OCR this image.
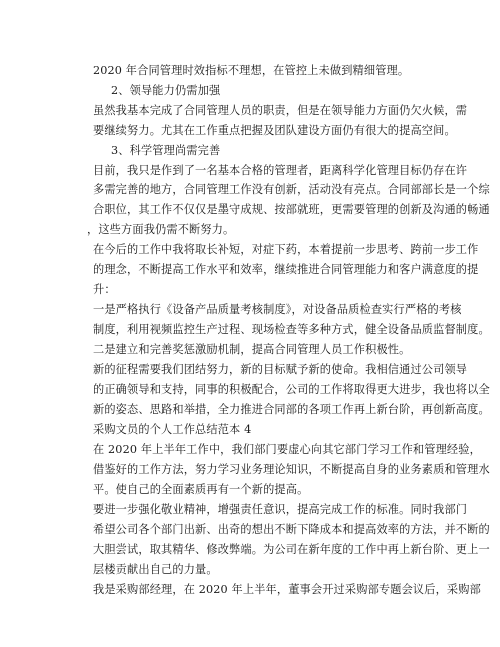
2020 年合同管理时效指标不理想，在管控上未做到精细管理。
2、领导能力仍需加强
虽然我基本完成了合同管理人员的职责，但是在领导能力方面仍欠火候，需
要继续努力。尤其在工作重点把握及团队建设方面仍有很大的提高空间。
3、科学管理尚需完善
目前，我只是作到了一名基本合格的管理者，距离科学化管理目标仍存在许
多需完善的地方，合同管理工作没有创新，活动没有亮点。合同部部长是一个综
合职位，其工作不仅仅是墨守成规、按部就班，更需要管理的创新及沟通的畅通
，这些方面我仍需不断努力。
在今后的工作中我将取长补短，对症下药，本着提前一步思考、跨前一步工作
的理念，不断提高工作水平和效率，继续推进合同管理能力和客户满意度的提
升：
一是严格执行《设备产品质量考核制度》，对设备品质检查实行严格的考核
制度，利用视频监控生产过程、现场检查等多种方式，健全设备品质监督制度。
二是建立和完善奖惩激励机制，提高合同管理人员工作积极性。
新的征程需要我们团结努力，新的目标赋予新的使命。我相信通过公司领导
的正确领导和支持，同事的积极配合，公司的工作将取得更大进步，我也将以全
新的姿态、思路和举措，全力推进合同部的各项工作再上新台阶，再创新高度。
采购文员的个人工作总结范本 4
在 2020 年上半年工作中，我们部门要虚心向其它部门学习工作和管理经验，
借鉴好的工作方法，努力学习业务理论知识，不断提高自身的业务素质和管理水
平。使自己的全面素质再有一个新的提高。
要进一步强化敬业精神，增强责任意识，提高完成工作的标准。同时我部门
希望公司各个部门出新、出奇的想出不断下降成本和提高效率的方法，并不断的
大胆尝试，取其精华、修改弊端。为公司在新年度的工作中再上新台阶、更上一
层楼贡献出自己的力量。
我是采购部经理，在 2020 年上半年，董事会开过采购部专题会议后，采购部
